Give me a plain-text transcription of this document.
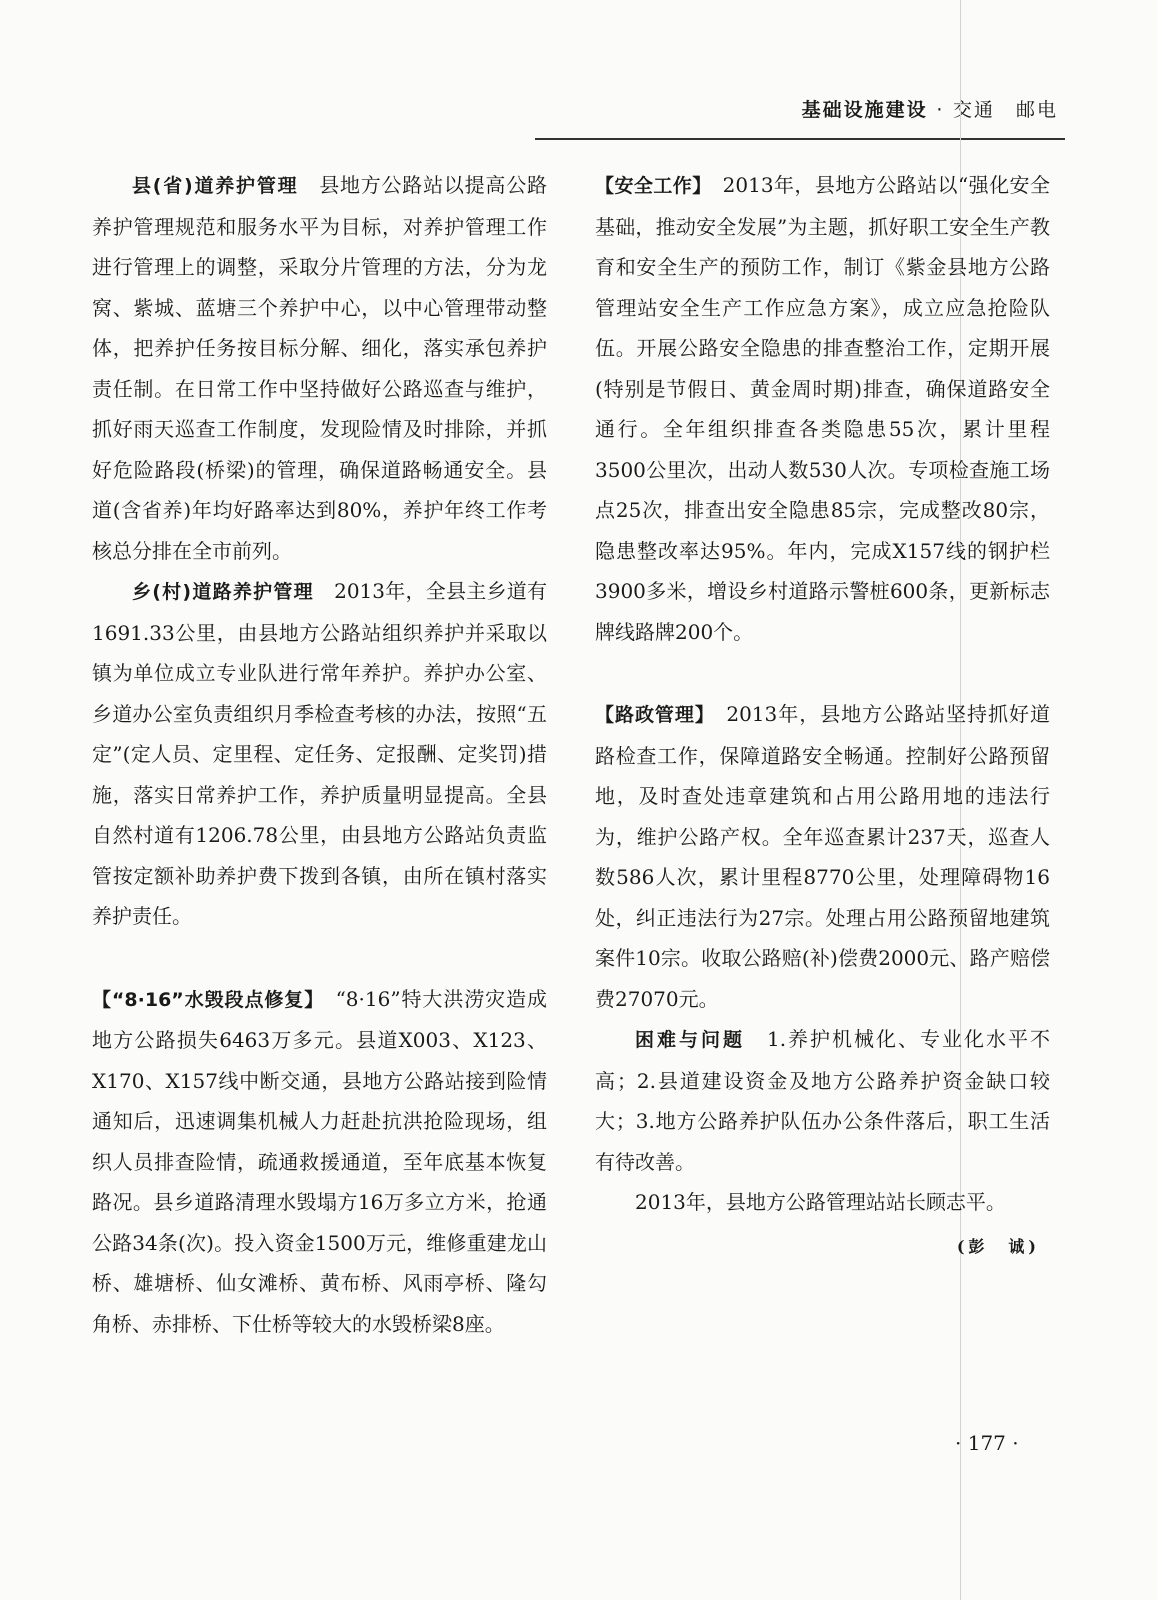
基础设施建设 · 交通　邮电

县(省)道养护管理　 县地方公路站以提高公路养护管理规范和服务水平为目标，对养护管理工作进行管理上的调整，采取分片管理的方法，分为龙窝、紫城、蓝塘三个养护中心，以中心管理带动整体，把养护任务按目标分解、细化，落实承包养护责任制。在日常工作中坚持做好公路巡查与维护，抓好雨天巡查工作制度，发现险情及时排除，并抓好危险路段(桥梁)的管理，确保道路畅通安全。县道(含省养)年均好路率达到80%，养护年终工作考核总分排在全市前列。

乡(村)道路养护管理　 2013年，全县主乡道有1691.33公里，由县地方公路站组织养护并采取以镇为单位成立专业队进行常年养护。养护办公室、乡道办公室负责组织月季检查考核的办法，按照“五定”(定人员、定里程、定任务、定报酬、定奖罚)措施，落实日常养护工作，养护质量明显提高。全县自然村道有1206.78公里，由县地方公路站负责监管按定额补助养护费下拨到各镇，由所在镇村落实养护责任。

【“8·16”水毁段点修复】　 “8·16”特大洪涝灾造成地方公路损失6463万多元。县道X003、X123、X170、X157线中断交通，县地方公路站接到险情通知后，迅速调集机械人力赶赴抗洪抢险现场，组织人员排查险情，疏通救援通道，至年底基本恢复路况。县乡道路清理水毁塌方16万多立方米，抢通公路34条(次)。投入资金1500万元，维修重建龙山桥、雄塘桥、仙女滩桥、黄布桥、风雨亭桥、隆勾角桥、赤排桥、下仕桥等较大的水毁桥梁8座。

【安全工作】　 2013年，县地方公路站以“强化安全基础，推动安全发展”为主题，抓好职工安全生产教育和安全生产的预防工作，制订《紫金县地方公路管理站安全生产工作应急方案》，成立应急抢险队伍。开展公路安全隐患的排查整治工作，定期开展(特别是节假日、黄金周时期)排查，确保道路安全通行。全年组织排查各类隐患55次，累计里程3500公里次，出动人数530人次。专项检查施工场点25次，排查出安全隐患85宗，完成整改80宗，隐患整改率达95%。年内，完成X157线的钢护栏3900多米，增设乡村道路示警桩600条，更新标志牌线路牌200个。

【路政管理】　 2013年，县地方公路站坚持抓好道路检查工作，保障道路安全畅通。控制好公路预留地，及时查处违章建筑和占用公路用地的违法行为，维护公路产权。全年巡查累计237天，巡查人数586人次，累计里程8770公里，处理障碍物16处，纠正违法行为27宗。处理占用公路预留地建筑案件10宗。收取公路赔(补)偿费2000元、路产赔偿费27070元。

困难与问题　 1.养护机械化、专业化水平不高；2.县道建设资金及地方公路养护资金缺口较大；3.地方公路养护队伍办公条件落后，职工生活有待改善。

2013年，县地方公路管理站站长顾志平。

(彭　诚)
· 177 ·
